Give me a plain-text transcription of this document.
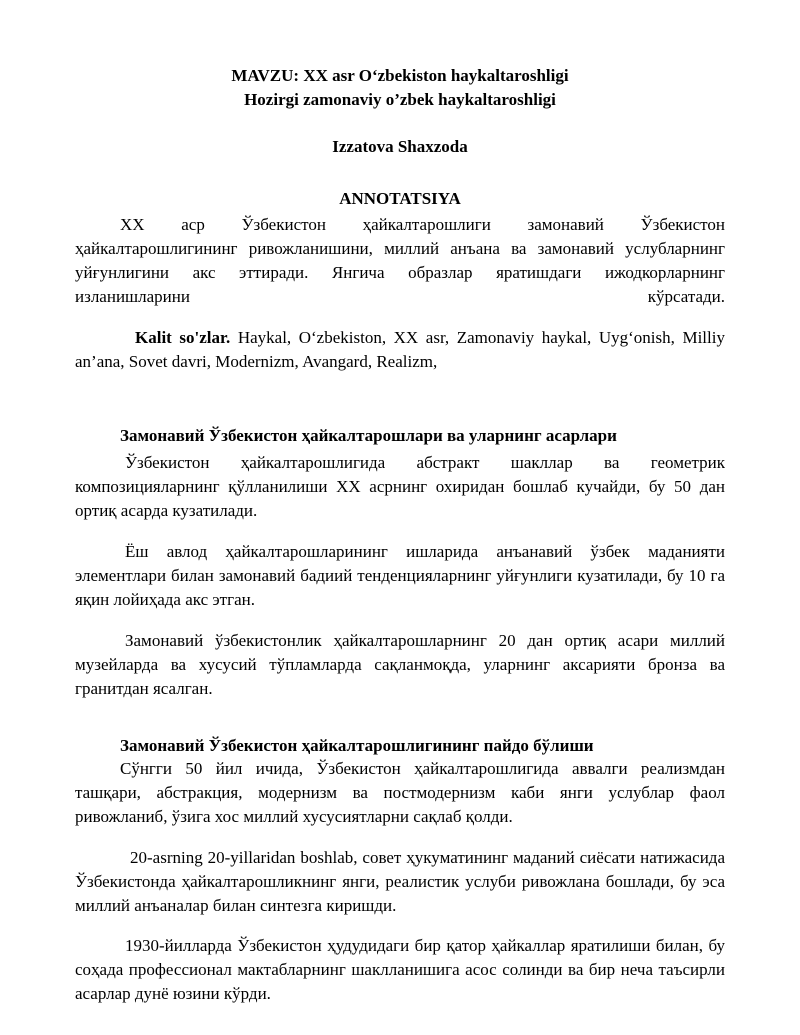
MAVZU: XX asr O‘zbekiston haykaltaroshligi
Hozirgi zamonaviy o’zbek haykaltaroshligi
Izzatova Shaxzoda
ANNOTATSIYA
XX асp Ўзбекистон ҳайкалтарошлиги замонавий Ўзбекистон ҳайкалтарошлигининг ривожланишини, миллий анъана ва замонавий услубларнинг уйғунлигини акс эттиради. Янгича образлар яратишдаги ижодкорларнинг изланишларини кўрсатади.
Kalit so'zlar. Haykal, O‘zbekiston, XX asr, Zamonaviy haykal, Uyg‘onish, Milliy an’ana, Sovet davri, Modernizm, Avangard, Realizm,
Замонавий Ўзбекистон ҳайкалтарошлари ва уларнинг асарлари
Ўзбекистон ҳайкалтарошлигида абстракт шакллар ва геометрик композицияларнинг қўлланилиши XX асрнинг охиридан бошлаб кучайди, бу 50 дан ортиқ асарда кузатилади.
Ёш авлод ҳайкалтарошларининг ишларида анъанавий ўзбек маданияти элементлари билан замонавий бадиий тенденцияларнинг уйғунлиги кузатилади, бу 10 га яқин лойиҳада акс этган.
Замонавий ўзбекистонлик ҳайкалтарошларнинг 20 дан ортиқ асари миллий музейларда ва хусусий тўпламларда сақланмоқда, уларнинг аксарияти бронза ва гранитдан ясалган.
Замонавий Ўзбекистон ҳайкалтарошлигининг пайдо бўлиши
Сўнгги 50 йил ичида, Ўзбекистон ҳайкалтарошлигида аввалги реализмдан ташқари, абстракция, модернизм ва постмодернизм каби янги услублар фаол ривожланиб, ўзига хос миллий хусусиятларни сақлаб қолди.
20-asrning 20-yillaridan boshlab, совет ҳукуматининг маданий сиёсати натижасида Ўзбекистонда ҳайкалтарошликнинг янги, реалистик услуби ривожлана бошлади, бу эса миллий анъаналар билан синтезга киришди.
1930-йилларда Ўзбекистон ҳудудидаги бир қатор ҳайкаллар яратилиши билан, бу соҳада профессионал мактабларнинг шаклланишига асос солинди ва бир неча таъсирли асарлар дунё юзини кўрди.
